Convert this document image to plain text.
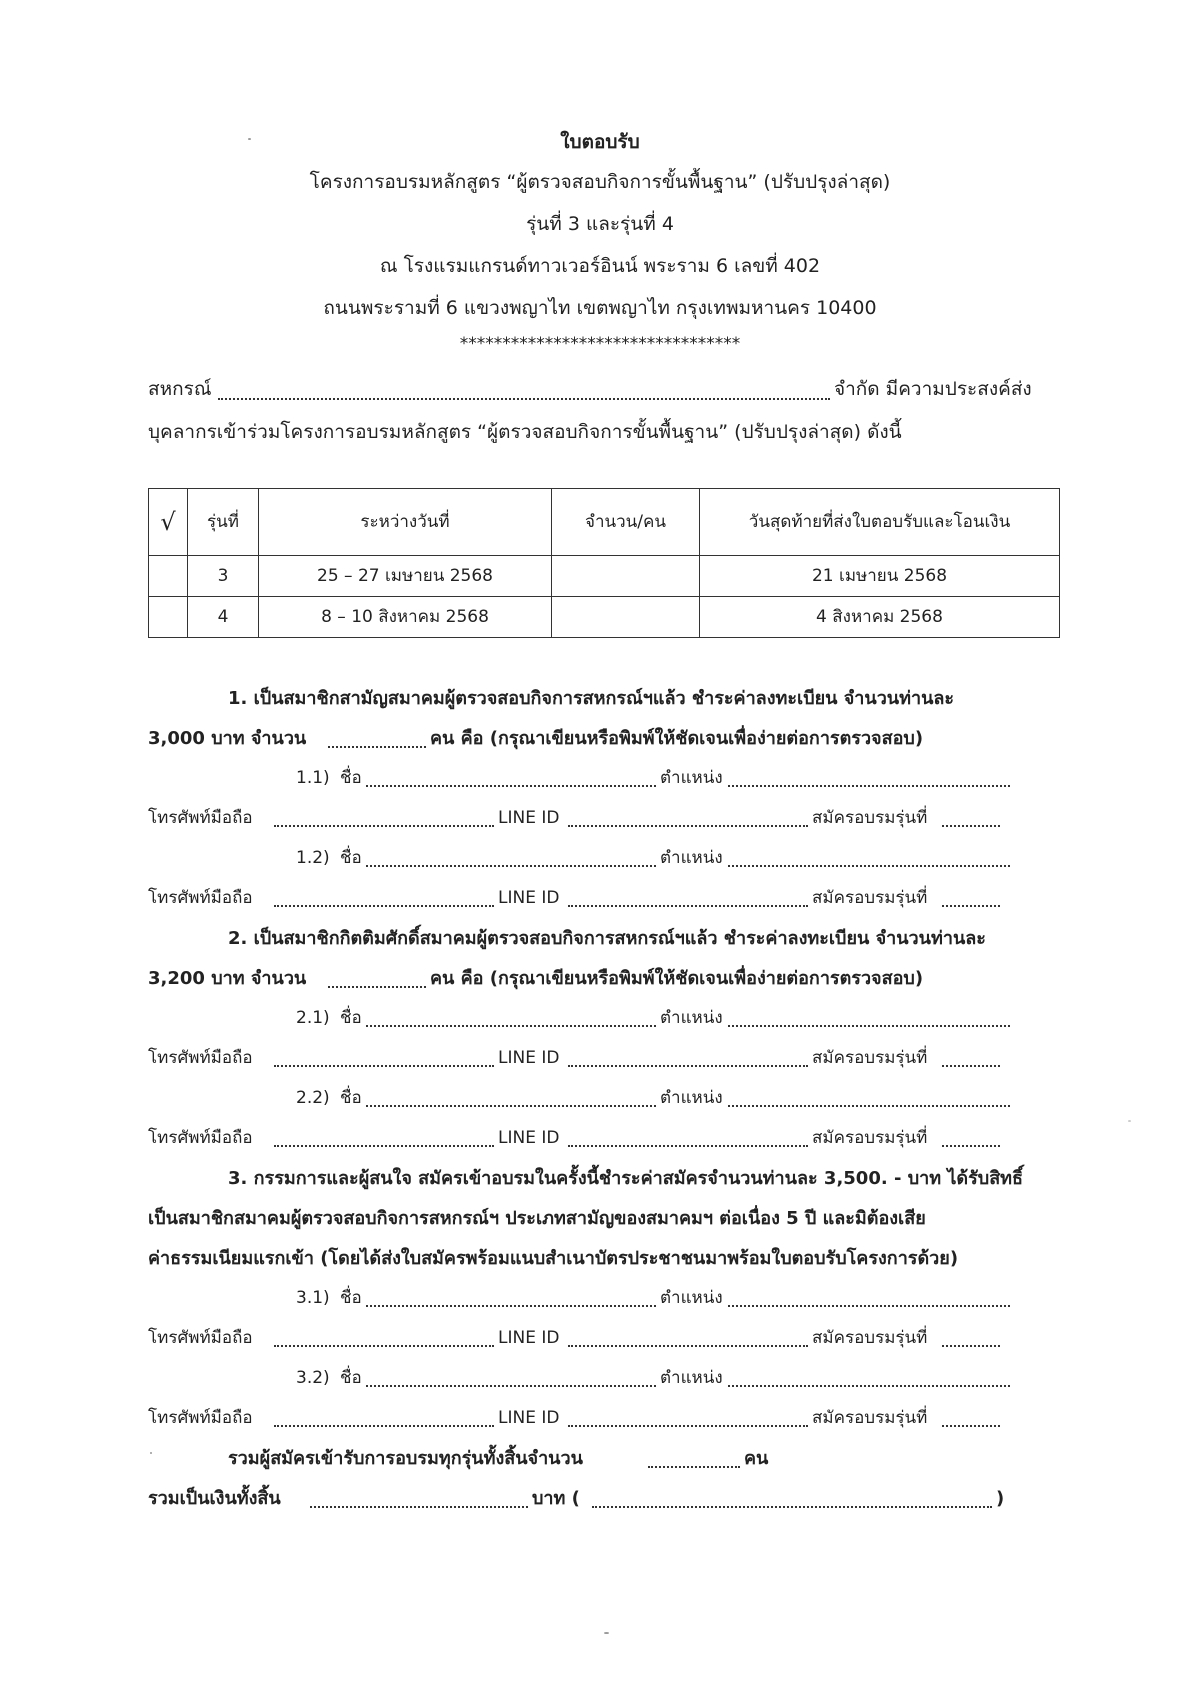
ใบตอบรับ
โครงการอบรมหลักสูตร “ผู้ตรวจสอบกิจการขั้นพื้นฐาน” (ปรับปรุงล่าสุด)
รุ่นที่ 3 และรุ่นที่ 4
ณ โรงแรมแกรนด์ทาวเวอร์อินน์ พระราม 6 เลขที่ 402
ถนนพระรามที่ 6 แขวงพญาไท เขตพญาไท กรุงเทพมหานคร 10400
*********************************
สหกรณ์	จำกัด มีความประสงค์ส่ง
บุคลากรเข้าร่วมโครงการอบรมหลักสูตร “ผู้ตรวจสอบกิจการขั้นพื้นฐาน” (ปรับปรุงล่าสุด) ดังนี้
√	รุ่นที่	ระหว่างวันที่	จำนวน/คน	วันสุดท้ายที่ส่งใบตอบรับและโอนเงิน
	3	25 – 27 เมษายน 2568		21 เมษายน 2568
	4	8 – 10 สิงหาคม 2568		4 สิงหาคม 2568
1. เป็นสมาชิกสามัญสมาคมผู้ตรวจสอบกิจการสหกรณ์ฯแล้ว ชำระค่าลงทะเบียน จำนวนท่านละ
3,000 บาท จำนวน	คน คือ (กรุณาเขียนหรือพิมพ์ให้ชัดเจนเพื่อง่ายต่อการตรวจสอบ)
1.1) ชื่อ	ตำแหน่ง
โทรศัพท์มือถือ	LINE ID	สมัครอบรมรุ่นที่
1.2) ชื่อ	ตำแหน่ง
โทรศัพท์มือถือ	LINE ID	สมัครอบรมรุ่นที่
2. เป็นสมาชิกกิตติมศักดิ์สมาคมผู้ตรวจสอบกิจการสหกรณ์ฯแล้ว ชำระค่าลงทะเบียน จำนวนท่านละ
3,200 บาท จำนวน	คน คือ (กรุณาเขียนหรือพิมพ์ให้ชัดเจนเพื่อง่ายต่อการตรวจสอบ)
2.1) ชื่อ	ตำแหน่ง
โทรศัพท์มือถือ	LINE ID	สมัครอบรมรุ่นที่
2.2) ชื่อ	ตำแหน่ง
โทรศัพท์มือถือ	LINE ID	สมัครอบรมรุ่นที่
3. กรรมการและผู้สนใจ สมัครเข้าอบรมในครั้งนี้ชำระค่าสมัครจำนวนท่านละ 3,500. - บาท ได้รับสิทธิ์
เป็นสมาชิกสมาคมผู้ตรวจสอบกิจการสหกรณ์ฯ ประเภทสามัญของสมาคมฯ ต่อเนื่อง 5 ปี และมิต้องเสีย
ค่าธรรมเนียมแรกเข้า (โดยได้ส่งใบสมัครพร้อมแนบสำเนาบัตรประชาชนมาพร้อมใบตอบรับโครงการด้วย)
3.1) ชื่อ	ตำแหน่ง
โทรศัพท์มือถือ	LINE ID	สมัครอบรมรุ่นที่
3.2) ชื่อ	ตำแหน่ง
โทรศัพท์มือถือ	LINE ID	สมัครอบรมรุ่นที่
รวมผู้สมัครเข้ารับการอบรมทุกรุ่นทั้งสิ้นจำนวน	คน
รวมเป็นเงินทั้งสิ้น	บาท (	)
